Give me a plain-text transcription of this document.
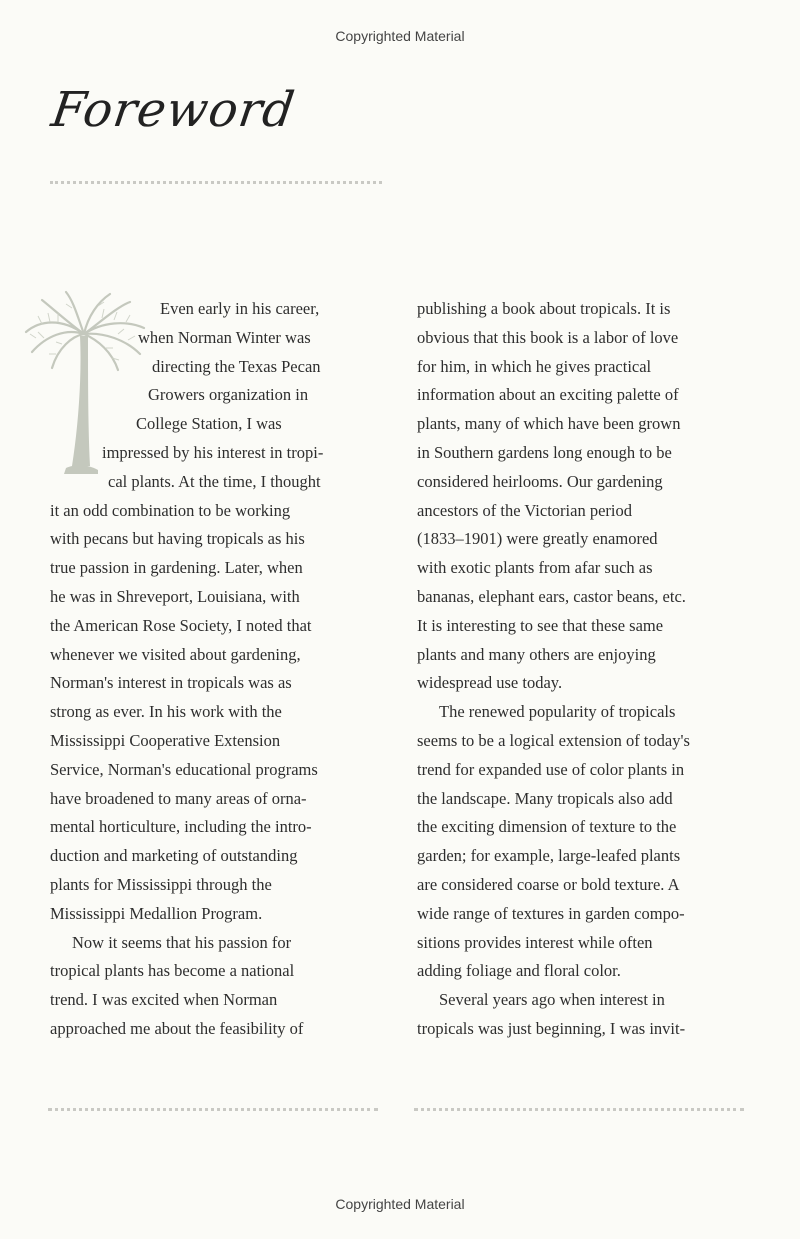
Copyrighted Material
Foreword
Even early in his career,
when Norman Winter was
directing the Texas Pecan
Growers organization in
College Station, I was
impressed by his interest in tropi-
cal plants. At the time, I thought
it an odd combination to be working
with pecans but having tropicals as his
true passion in gardening. Later, when
he was in Shreveport, Louisiana, with
the American Rose Society, I noted that
whenever we visited about gardening,
Norman's interest in tropicals was as
strong as ever. In his work with the
Mississippi Cooperative Extension
Service, Norman's educational programs
have broadened to many areas of orna-
mental horticulture, including the intro-
duction and marketing of outstanding
plants for Mississippi through the
Mississippi Medallion Program.
Now it seems that his passion for
tropical plants has become a national
trend. I was excited when Norman
approached me about the feasibility of
publishing a book about tropicals. It is
obvious that this book is a labor of love
for him, in which he gives practical
information about an exciting palette of
plants, many of which have been grown
in Southern gardens long enough to be
considered heirlooms. Our gardening
ancestors of the Victorian period
(1833–1901) were greatly enamored
with exotic plants from afar such as
bananas, elephant ears, castor beans, etc.
It is interesting to see that these same
plants and many others are enjoying
widespread use today.
The renewed popularity of tropicals
seems to be a logical extension of today's
trend for expanded use of color plants in
the landscape. Many tropicals also add
the exciting dimension of texture to the
garden; for example, large-leafed plants
are considered coarse or bold texture. A
wide range of textures in garden compo-
sitions provides interest while often
adding foliage and floral color.
Several years ago when interest in
tropicals was just beginning, I was invit-
Copyrighted Material
